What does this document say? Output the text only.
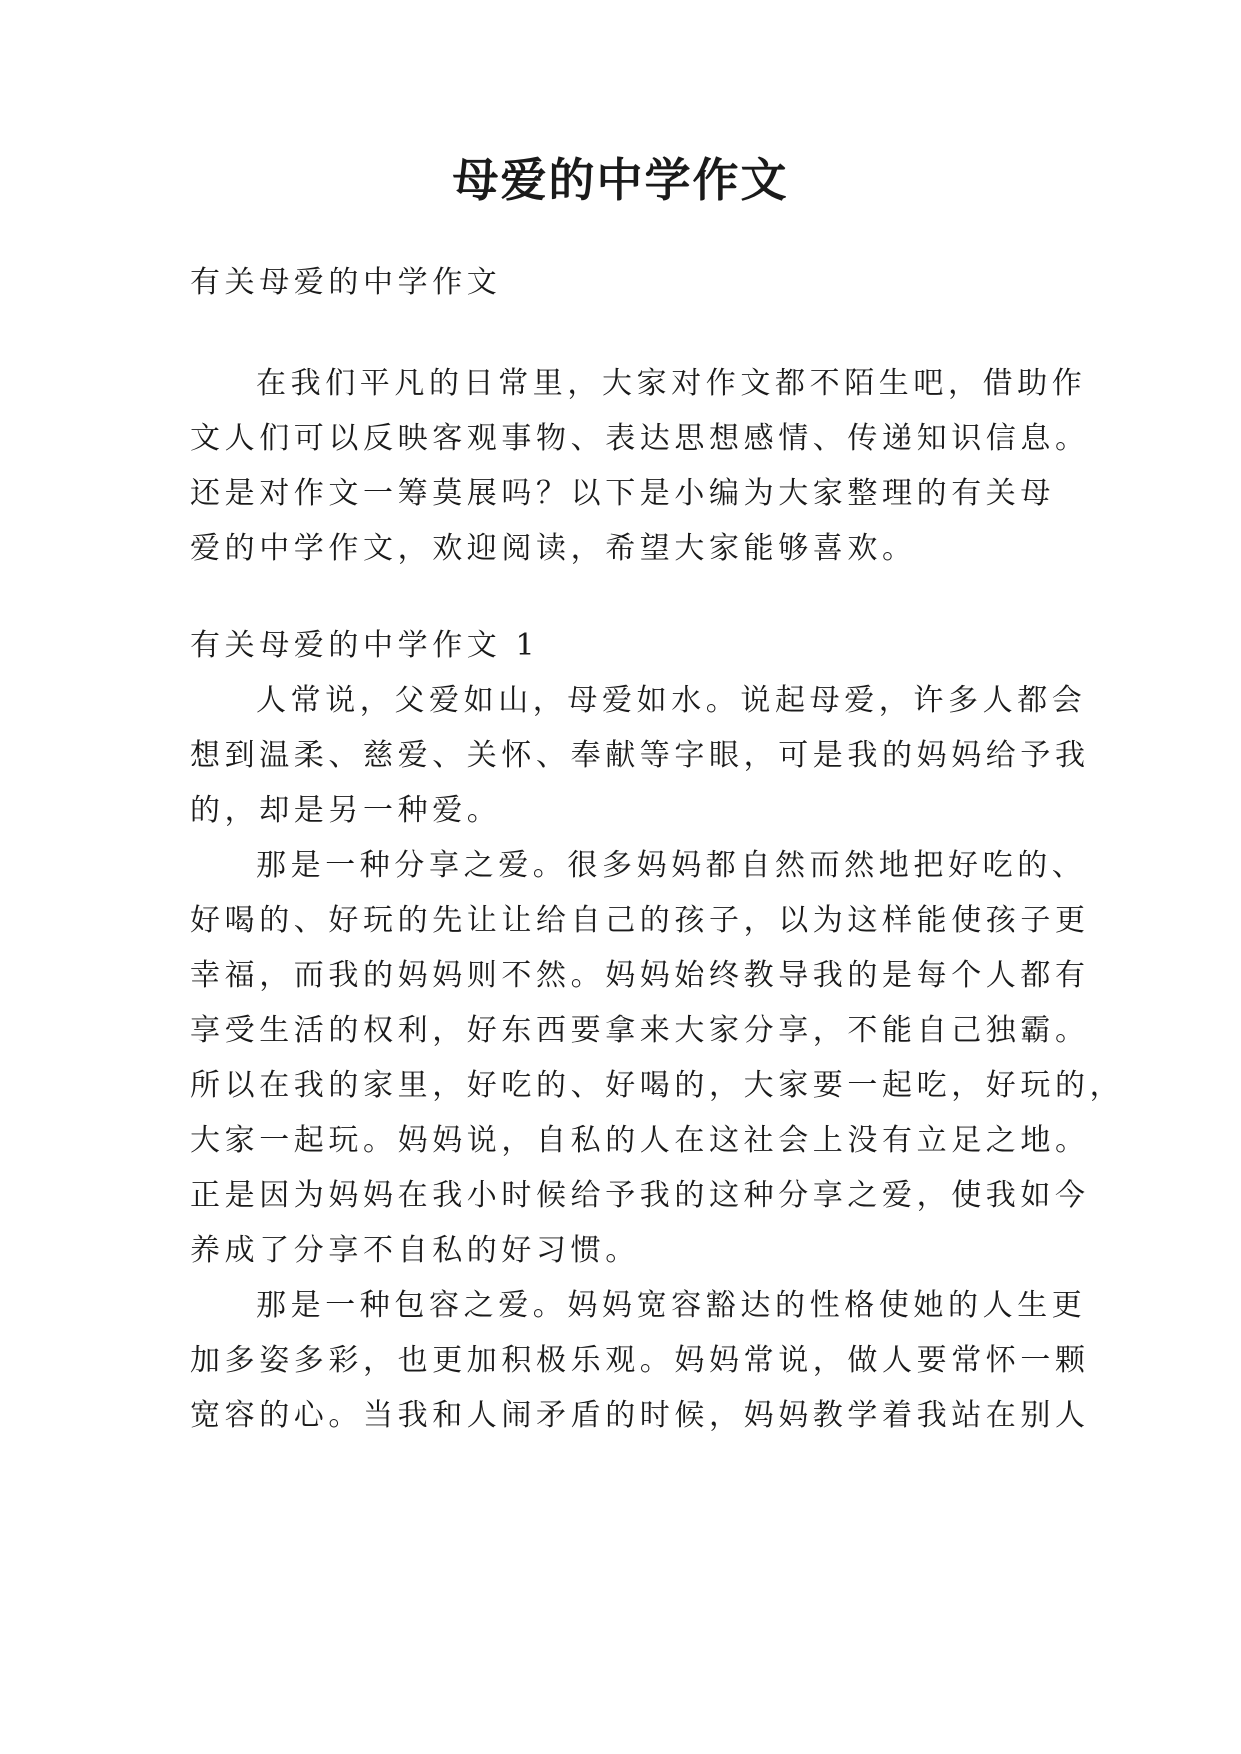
母爱的中学作文
有关母爱的中学作文
在我们平凡的日常里，大家对作文都不陌生吧，借助作
文人们可以反映客观事物、表达思想感情、传递知识信息。
还是对作文一筹莫展吗？以下是小编为大家整理的有关母
爱的中学作文，欢迎阅读，希望大家能够喜欢。
有关母爱的中学作文 1
人常说，父爱如山，母爱如水。说起母爱，许多人都会
想到温柔、慈爱、关怀、奉献等字眼，可是我的妈妈给予我
的，却是另一种爱。
那是一种分享之爱。很多妈妈都自然而然地把好吃的、
好喝的、好玩的先让让给自己的孩子，以为这样能使孩子更
幸福，而我的妈妈则不然。妈妈始终教导我的是每个人都有
享受生活的权利，好东西要拿来大家分享，不能自己独霸。
所以在我的家里，好吃的、好喝的，大家要一起吃，好玩的，
大家一起玩。妈妈说，自私的人在这社会上没有立足之地。
正是因为妈妈在我小时候给予我的这种分享之爱，使我如今
养成了分享不自私的好习惯。
那是一种包容之爱。妈妈宽容豁达的性格使她的人生更
加多姿多彩，也更加积极乐观。妈妈常说，做人要常怀一颗
宽容的心。当我和人闹矛盾的时候，妈妈教学着我站在别人
